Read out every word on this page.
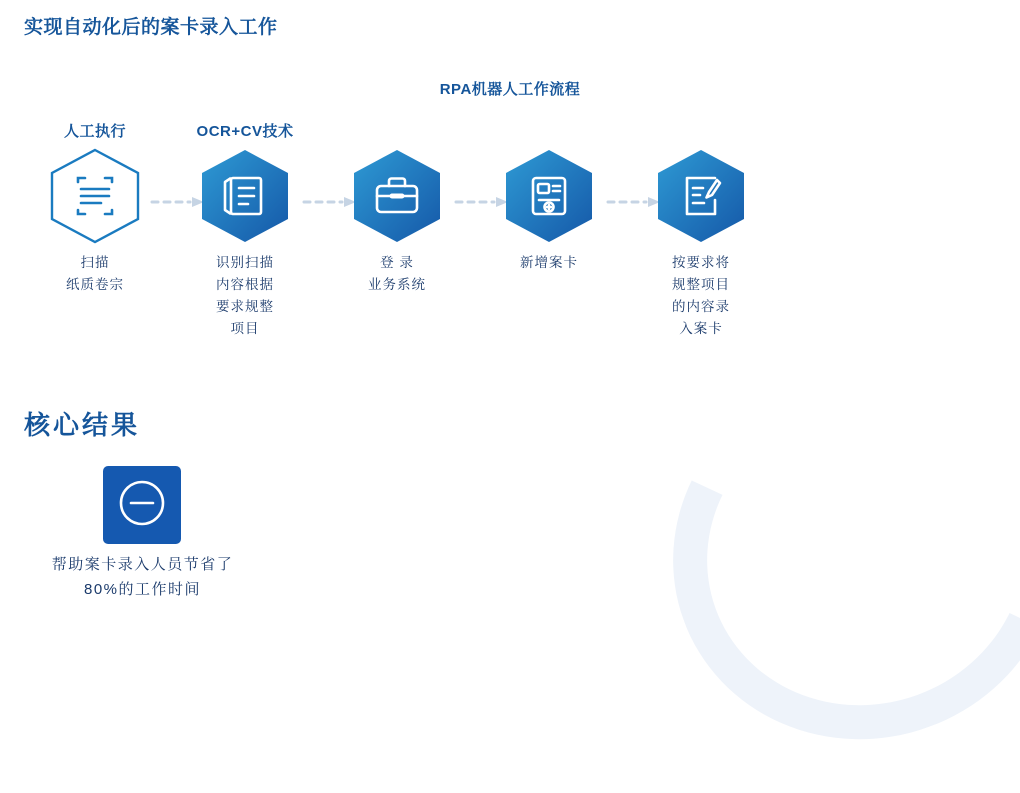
实现自动化后的案卡录入工作
RPA机器人工作流程
人工执行	OCR+CV技术
扫描
纸质卷宗
识别扫描
内容根据
要求规整
项目
登 录
业务系统
新增案卡	按要求将
规整项目
的内容录
入案卡
核心结果
帮助案卡录入人员节省了
80%的工作时间
